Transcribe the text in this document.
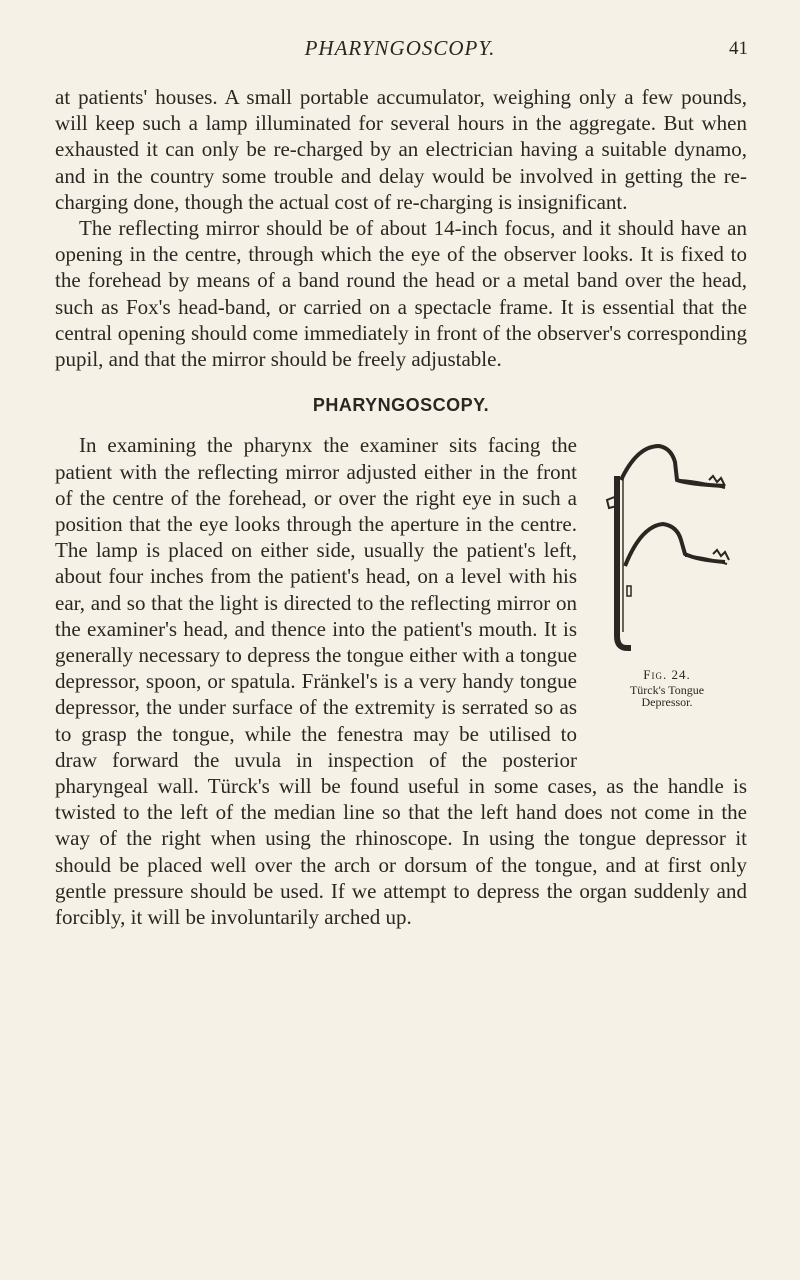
PHARYNGOSCOPY.	41

at patients' houses. A small portable accumulator, weighing only a few pounds, will keep such a lamp illuminated for several hours in the aggregate. But when exhausted it can only be re-charged by an electrician having a suitable dynamo, and in the country some trouble and delay would be involved in getting the re-charging done, though the actual cost of re-charging is insignificant.

The reflecting mirror should be of about 14-inch focus, and it should have an opening in the centre, through which the eye of the observer looks. It is fixed to the forehead by means of a band round the head or a metal band over the head, such as Fox's head-band, or carried on a spectacle frame. It is essential that the central opening should come immediately in front of the observer's corresponding pupil, and that the mirror should be freely adjustable.

PHARYNGOSCOPY.
Fig. 24.
Türck's Tongue
Depressor.

In examining the pharynx the examiner sits facing the patient with the reflecting mirror adjusted either in the front of the centre of the forehead, or over the right eye in such a position that the eye looks through the aperture in the centre. The lamp is placed on either side, usually the patient's left, about four inches from the patient's head, on a level with his ear, and so that the light is directed to the reflecting mirror on the examiner's head, and thence into the patient's mouth. It is generally necessary to depress the tongue either with a tongue depressor, spoon, or spatula. Fränkel's is a very handy tongue depressor, the under surface of the extremity is serrated so as to grasp the tongue, while the fenestra may be utilised to draw forward the uvula in inspection of the posterior pharyngeal wall. Türck's will be found useful in some cases, as the handle is twisted to the left of the median line so that the left hand does not come in the way of the right when using the rhinoscope. In using the tongue depressor it should be placed well over the arch or dorsum of the tongue, and at first only gentle pressure should be used. If we attempt to depress the organ suddenly and forcibly, it will be involuntarily arched up.
